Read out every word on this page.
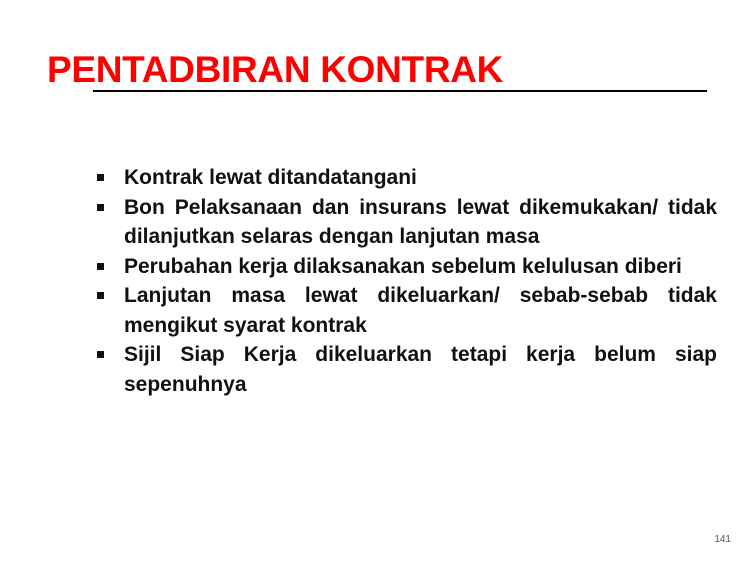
PENTADBIRAN KONTRAK
Kontrak lewat ditandatangani
Bon Pelaksanaan dan insurans lewat dikemukakan/ tidak dilanjutkan selaras dengan lanjutan masa
Perubahan kerja dilaksanakan sebelum kelulusan diberi
Lanjutan masa lewat dikeluarkan/ sebab-sebab tidak mengikut syarat kontrak
Sijil Siap Kerja dikeluarkan tetapi kerja belum siap sepenuhnya
141
